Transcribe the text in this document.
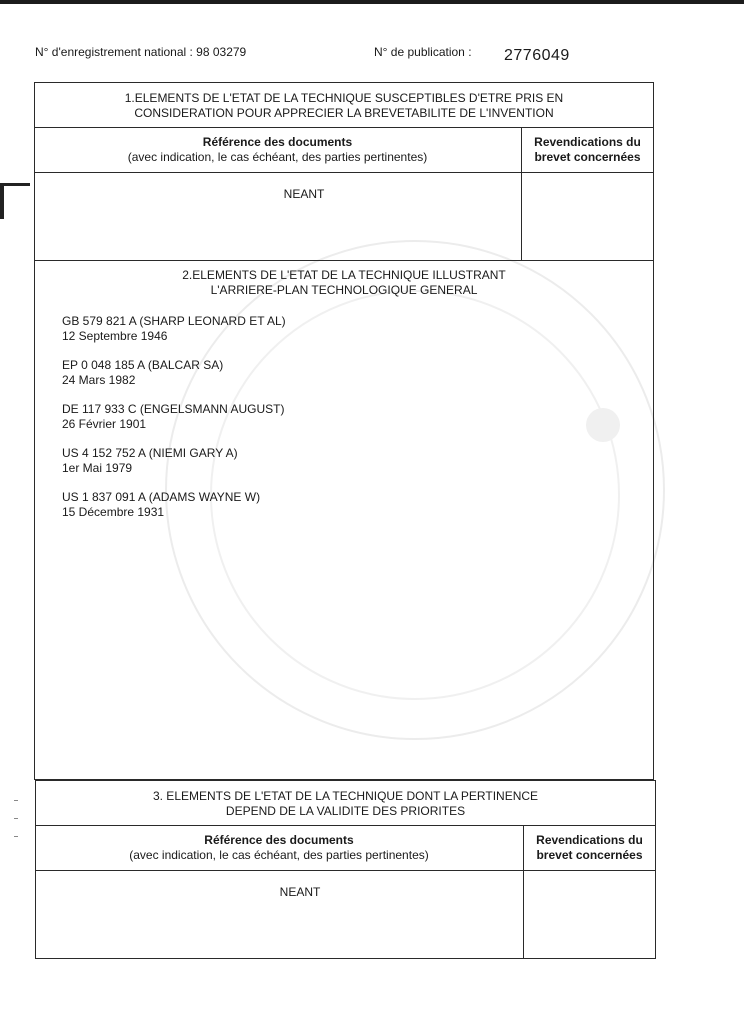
N° d'enregistrement national : 98 03279	N° de publication : 2776049
1.ELEMENTS DE L'ETAT DE LA TECHNIQUE SUSCEPTIBLES D'ETRE PRIS EN
CONSIDERATION POUR APPRECIER LA BREVETABILITE DE L'INVENTION
Référence des documents
(avec indication, le cas échéant, des parties pertinentes)
Revendications du
brevet concernées
NEANT
2.ELEMENTS DE L'ETAT DE LA TECHNIQUE ILLUSTRANT
L'ARRIERE-PLAN TECHNOLOGIQUE GENERAL
GB 579 821 A (SHARP LEONARD ET AL)
12 Septembre 1946
EP 0 048 185 A (BALCAR SA)
24 Mars 1982
DE 117 933 C (ENGELSMANN AUGUST)
26 Février 1901
US 4 152 752 A (NIEMI GARY A)
1er Mai 1979
US 1 837 091 A (ADAMS WAYNE W)
15 Décembre 1931
3. ELEMENTS DE L'ETAT DE LA TECHNIQUE DONT LA PERTINENCE
DEPEND DE LA VALIDITE DES PRIORITES
Référence des documents
(avec indication, le cas échéant, des parties pertinentes)
Revendications du
brevet concernées
NEANT
